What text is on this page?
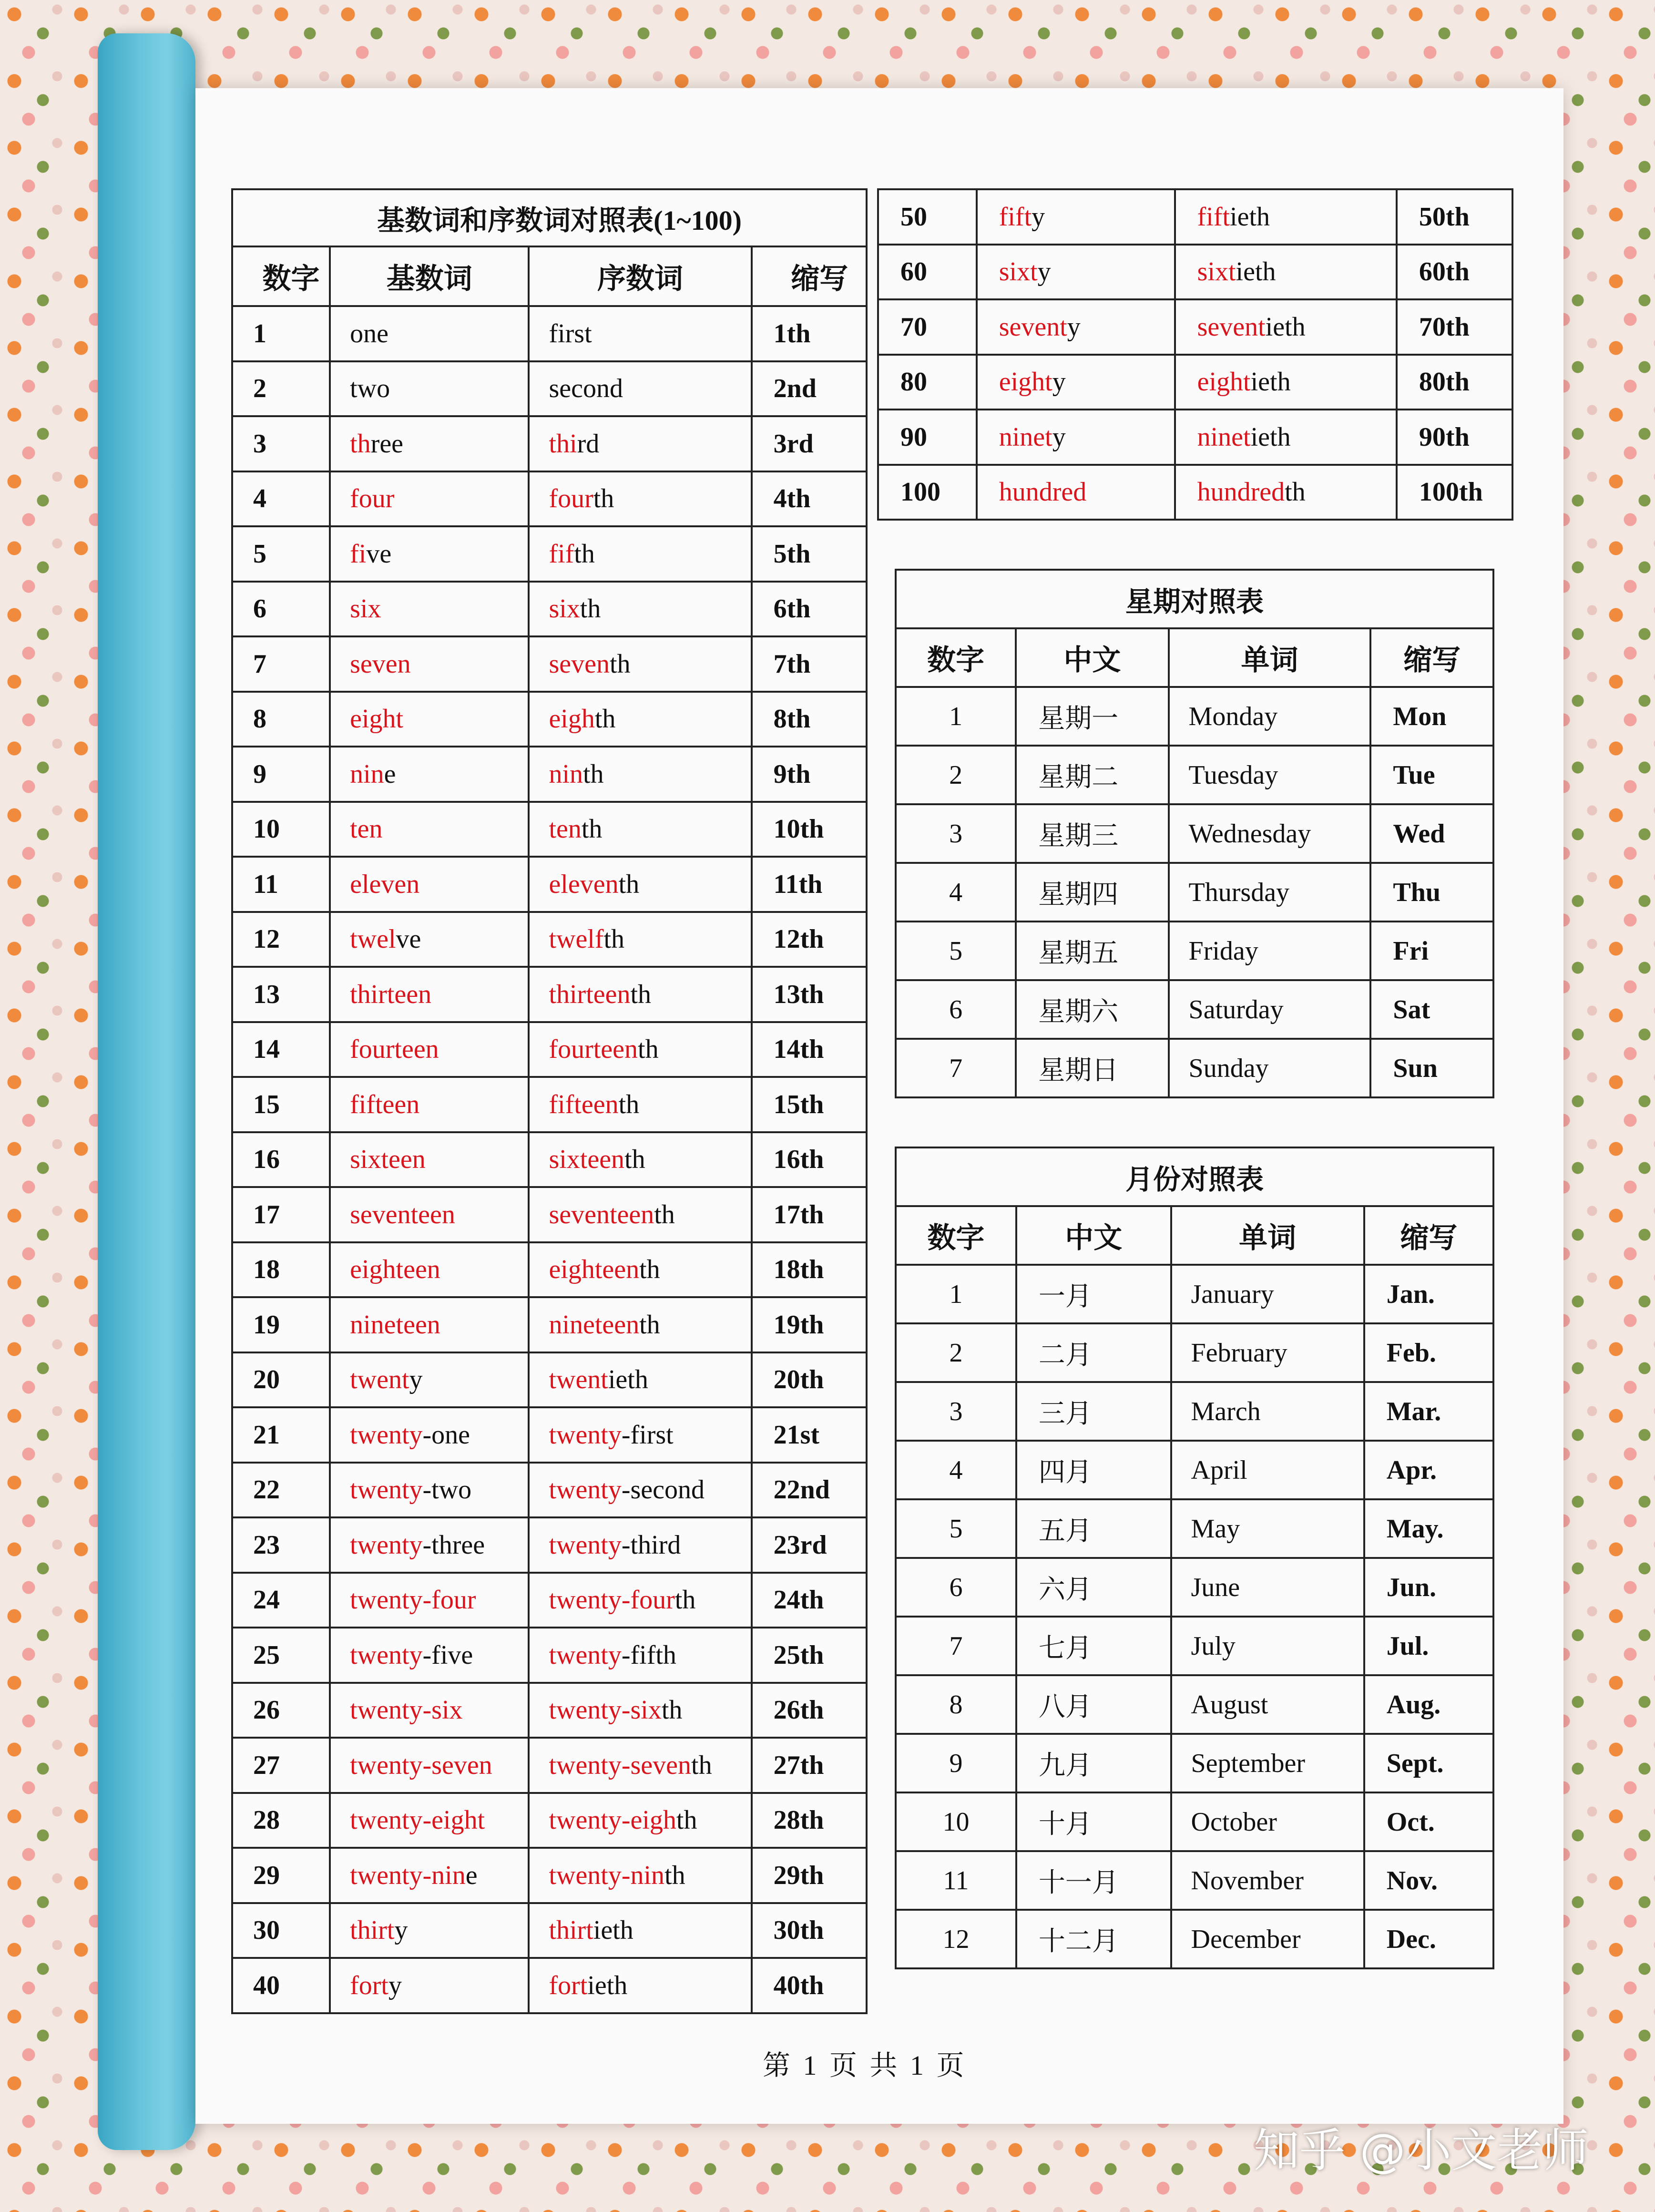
基数词和序数词对照表(1~100)			
数字	基数词	序数词	缩写
1	one	first	1th
2	two	second	2nd
3	three	third	3rd
4	four	fourth	4th
5	five	fifth	5th
6	six	sixth	6th
7	seven	seventh	7th
8	eight	eighth	8th
9	nine	ninth	9th
10	ten	tenth	10th
11	eleven	eleventh	11th
12	twelve	twelfth	12th
13	thirteen	thirteenth	13th
14	fourteen	fourteenth	14th
15	fifteen	fifteenth	15th
16	sixteen	sixteenth	16th
17	seventeen	seventeenth	17th
18	eighteen	eighteenth	18th
19	nineteen	nineteenth	19th
20	twenty	twentieth	20th
21	twenty-one	twenty-first	21st
22	twenty-two	twenty-second	22nd
23	twenty-three	twenty-third	23rd
24	twenty-four	twenty-fourth	24th
25	twenty-five	twenty-fifth	25th
26	twenty-six	twenty-sixth	26th
27	twenty-seven	twenty-seventh	27th
28	twenty-eight	twenty-eighth	28th
29	twenty-nine	twenty-ninth	29th
30	thirty	thirtieth	30th
40	forty	fortieth	40th
50	fifty	fiftieth	50th
60	sixty	sixtieth	60th
70	seventy	seventieth	70th
80	eighty	eightieth	80th
90	ninety	ninetieth	90th
100	hundred	hundredth	100th
星期对照表			
数字	中文	单词	缩写
1	星期一	Monday	Mon
2	星期二	Tuesday	Tue
3	星期三	Wednesday	Wed
4	星期四	Thursday	Thu
5	星期五	Friday	Fri
6	星期六	Saturday	Sat
7	星期日	Sunday	Sun
月份对照表			
数字	中文	单词	缩写
1	一月	January	Jan.
2	二月	February	Feb.
3	三月	March	Mar.
4	四月	April	Apr.
5	五月	May	May.
6	六月	June	Jun.
7	七月	July	Jul.
8	八月	August	Aug.
9	九月	September	Sept.
10	十月	October	Oct.
11	十一月	November	Nov.
12	十二月	December	Dec.
第 1 页 共 1 页
知乎 @小文老师
